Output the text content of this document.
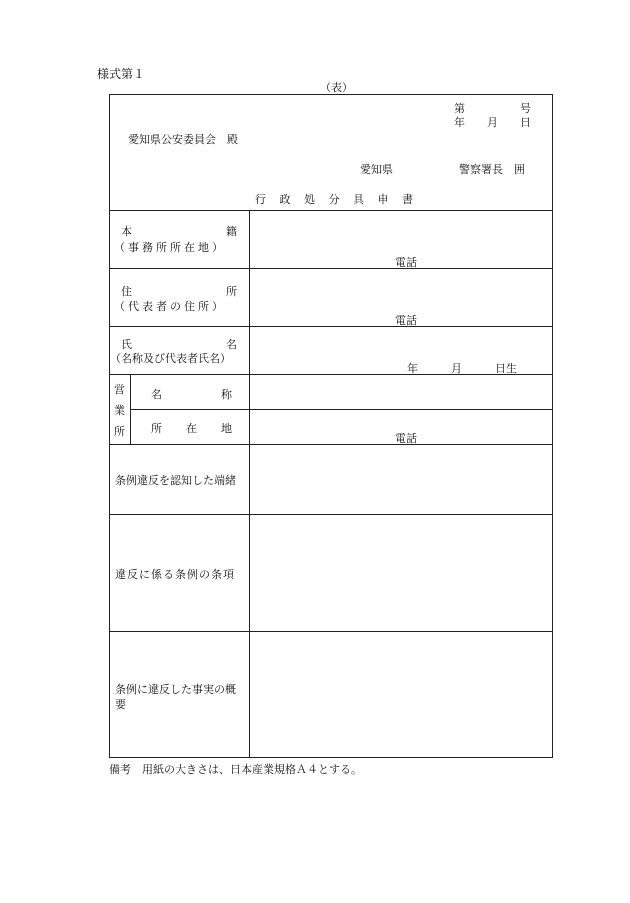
様式第１
（表）
第　　　　　号
年　　月　　日
愛知県公安委員会　殿
愛知県　　　　　　警察署長　囲
行 政 処 分 具 申 書
本 籍
（事務所所在地）
電話
住 所
（代表者の住所）
電話
氏 名
（名称及び代表者氏名）
年　　　月　　　日生
営業所
名 称
所 在 地
電話
条例違反を認知した端緒
違反に係る条例の条項
条例に違反した事実の概
要
備考　用紙の大きさは、日本産業規格Ａ４とする。
